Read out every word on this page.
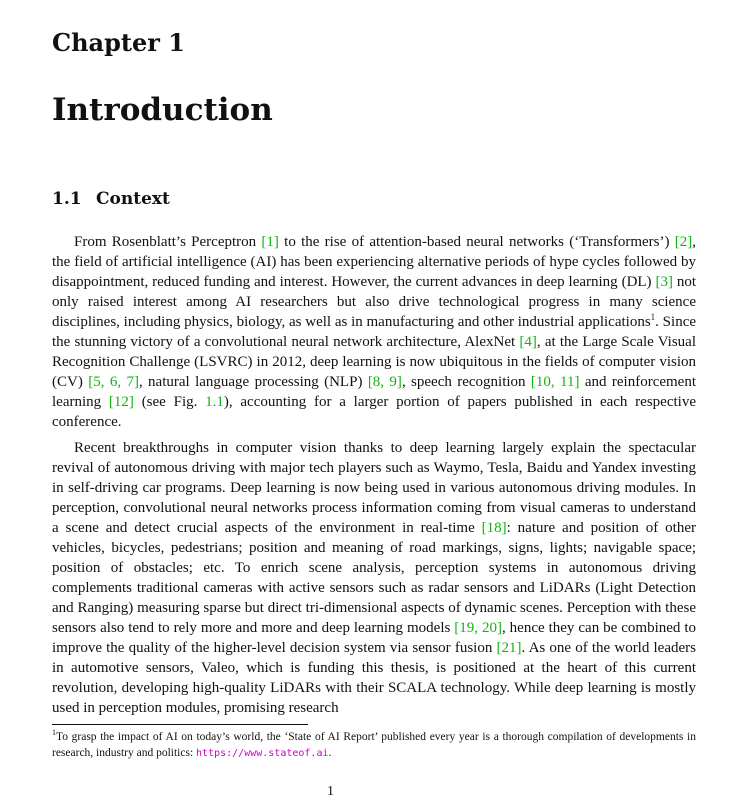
Chapter 1
Introduction
1.1 Context

From Rosenblatt’s Perceptron [1] to the rise of attention-based neural networks (‘Transformers’) [2], the field of artificial intelligence (AI) has been experiencing alternative periods of hype cycles followed by disappointment, reduced funding and interest. However, the current advances in deep learning (DL) [3] not only raised interest among AI researchers but also drive technological progress in many science disciplines, including physics, biology, as well as in manufacturing and other industrial applications$^1$. Since the stunning victory of a convolutional neural network architecture, AlexNet [4], at the Large Scale Visual Recognition Challenge (LSVRC) in 2012, deep learning is now ubiquitous in the fields of computer vision (CV) [5, 6, 7], natural language processing (NLP) [8, 9], speech recognition [10, 11] and reinforcement learning [12] (see Fig. 1.1), accounting for a larger portion of papers published in each respective conference.

Recent breakthroughs in computer vision thanks to deep learning largely explain the spectacular revival of autonomous driving with major tech players such as Waymo, Tesla, Baidu and Yandex investing in self-driving car programs. Deep learning is now being used in various autonomous driving modules. In perception, convolutional neural networks process information coming from visual cameras to understand a scene and detect crucial aspects of the environment in real-time [18]: nature and position of other vehicles, bicycles, pedestrians; position and meaning of road markings, signs, lights; navigable space; position of obstacles; etc. To enrich scene analysis, perception systems in autonomous driving complements traditional cameras with active sensors such as radar sensors and LiDARs (Light Detection and Ranging) measuring sparse but direct tri-dimensional aspects of dynamic scenes. Perception with these sensors also tend to rely more and more and deep learning models [19, 20], hence they can be combined to improve the quality of the higher-level decision system via sensor fusion [21]. As one of the world leaders in automotive sensors, Valeo, which is funding this thesis, is positioned at the heart of this current revolution, developing high-quality LiDARs with their SCALA technology. While deep learning is mostly used in perception modules, promising research

$^1$To grasp the impact of AI on today’s world, the ‘State of AI Report’ published every year is a thorough compilation of developments in research, industry and politics: https://www.stateof.ai.

1
